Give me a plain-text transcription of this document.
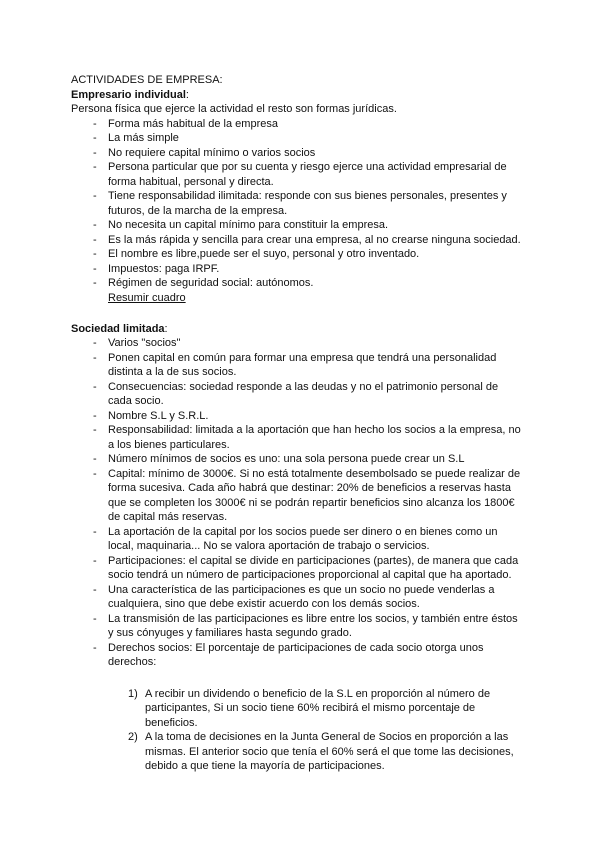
ACTIVIDADES DE EMPRESA:
Empresario individual:
Persona física que ejerce la actividad el resto son formas jurídicas.
- Forma más habitual de la empresa
- La más simple
- No requiere capital mínimo o varios socios
- Persona particular que por su cuenta y riesgo ejerce una actividad empresarial de
forma habitual, personal y directa.
- Tiene responsabilidad ilimitada: responde con sus bienes personales, presentes y
futuros, de la marcha de la empresa.
- No necesita un capital mínimo para constituir la empresa.
- Es la más rápida y sencilla para crear una empresa, al no crearse ninguna sociedad.
- El nombre es libre,puede ser el suyo, personal y otro inventado.
- Impuestos: paga IRPF.
- Régimen de seguridad social: autónomos.
Resumir cuadro
Sociedad limitada:
- Varios "socios"
- Ponen capital en común para formar una empresa que tendrá una personalidad
distinta a la de sus socios.
- Consecuencias: sociedad responde a las deudas y no el patrimonio personal de
cada socio.
- Nombre S.L y S.R.L.
- Responsabilidad: limitada a la aportación que han hecho los socios a la empresa, no
a los bienes particulares.
- Número mínimos de socios es uno: una sola persona puede crear un S.L
- Capital: mínimo de 3000€. Si no está totalmente desembolsado se puede realizar de
forma sucesiva. Cada año habrá que destinar: 20% de beneficios a reservas hasta
que se completen los 3000€ ni se podrán repartir beneficios sino alcanza los 1800€
de capital más reservas.
- La aportación de la capital por los socios puede ser dinero o en bienes como un
local, maquinaria... No se valora aportación de trabajo o servicios.
- Participaciones: el capital se divide en participaciones (partes), de manera que cada
socio tendrá un número de participaciones proporcional al capital que ha aportado.
- Una característica de las participaciones es que un socio no puede venderlas a
cualquiera, sino que debe existir acuerdo con los demás socios.
- La transmisión de las participaciones es libre entre los socios, y también entre éstos
y sus cónyuges y familiares hasta segundo grado.
- Derechos socios: El porcentaje de participaciones de cada socio otorga unos
derechos:
1) A recibir un dividendo o beneficio de la S.L en proporción al número de
participantes, Si un socio tiene 60% recibirá el mismo porcentaje de
beneficios.
2) A la toma de decisiones en la Junta General de Socios en proporción a las
mismas. El anterior socio que tenía el 60% será el que tome las decisiones,
debido a que tiene la mayoría de participaciones.
